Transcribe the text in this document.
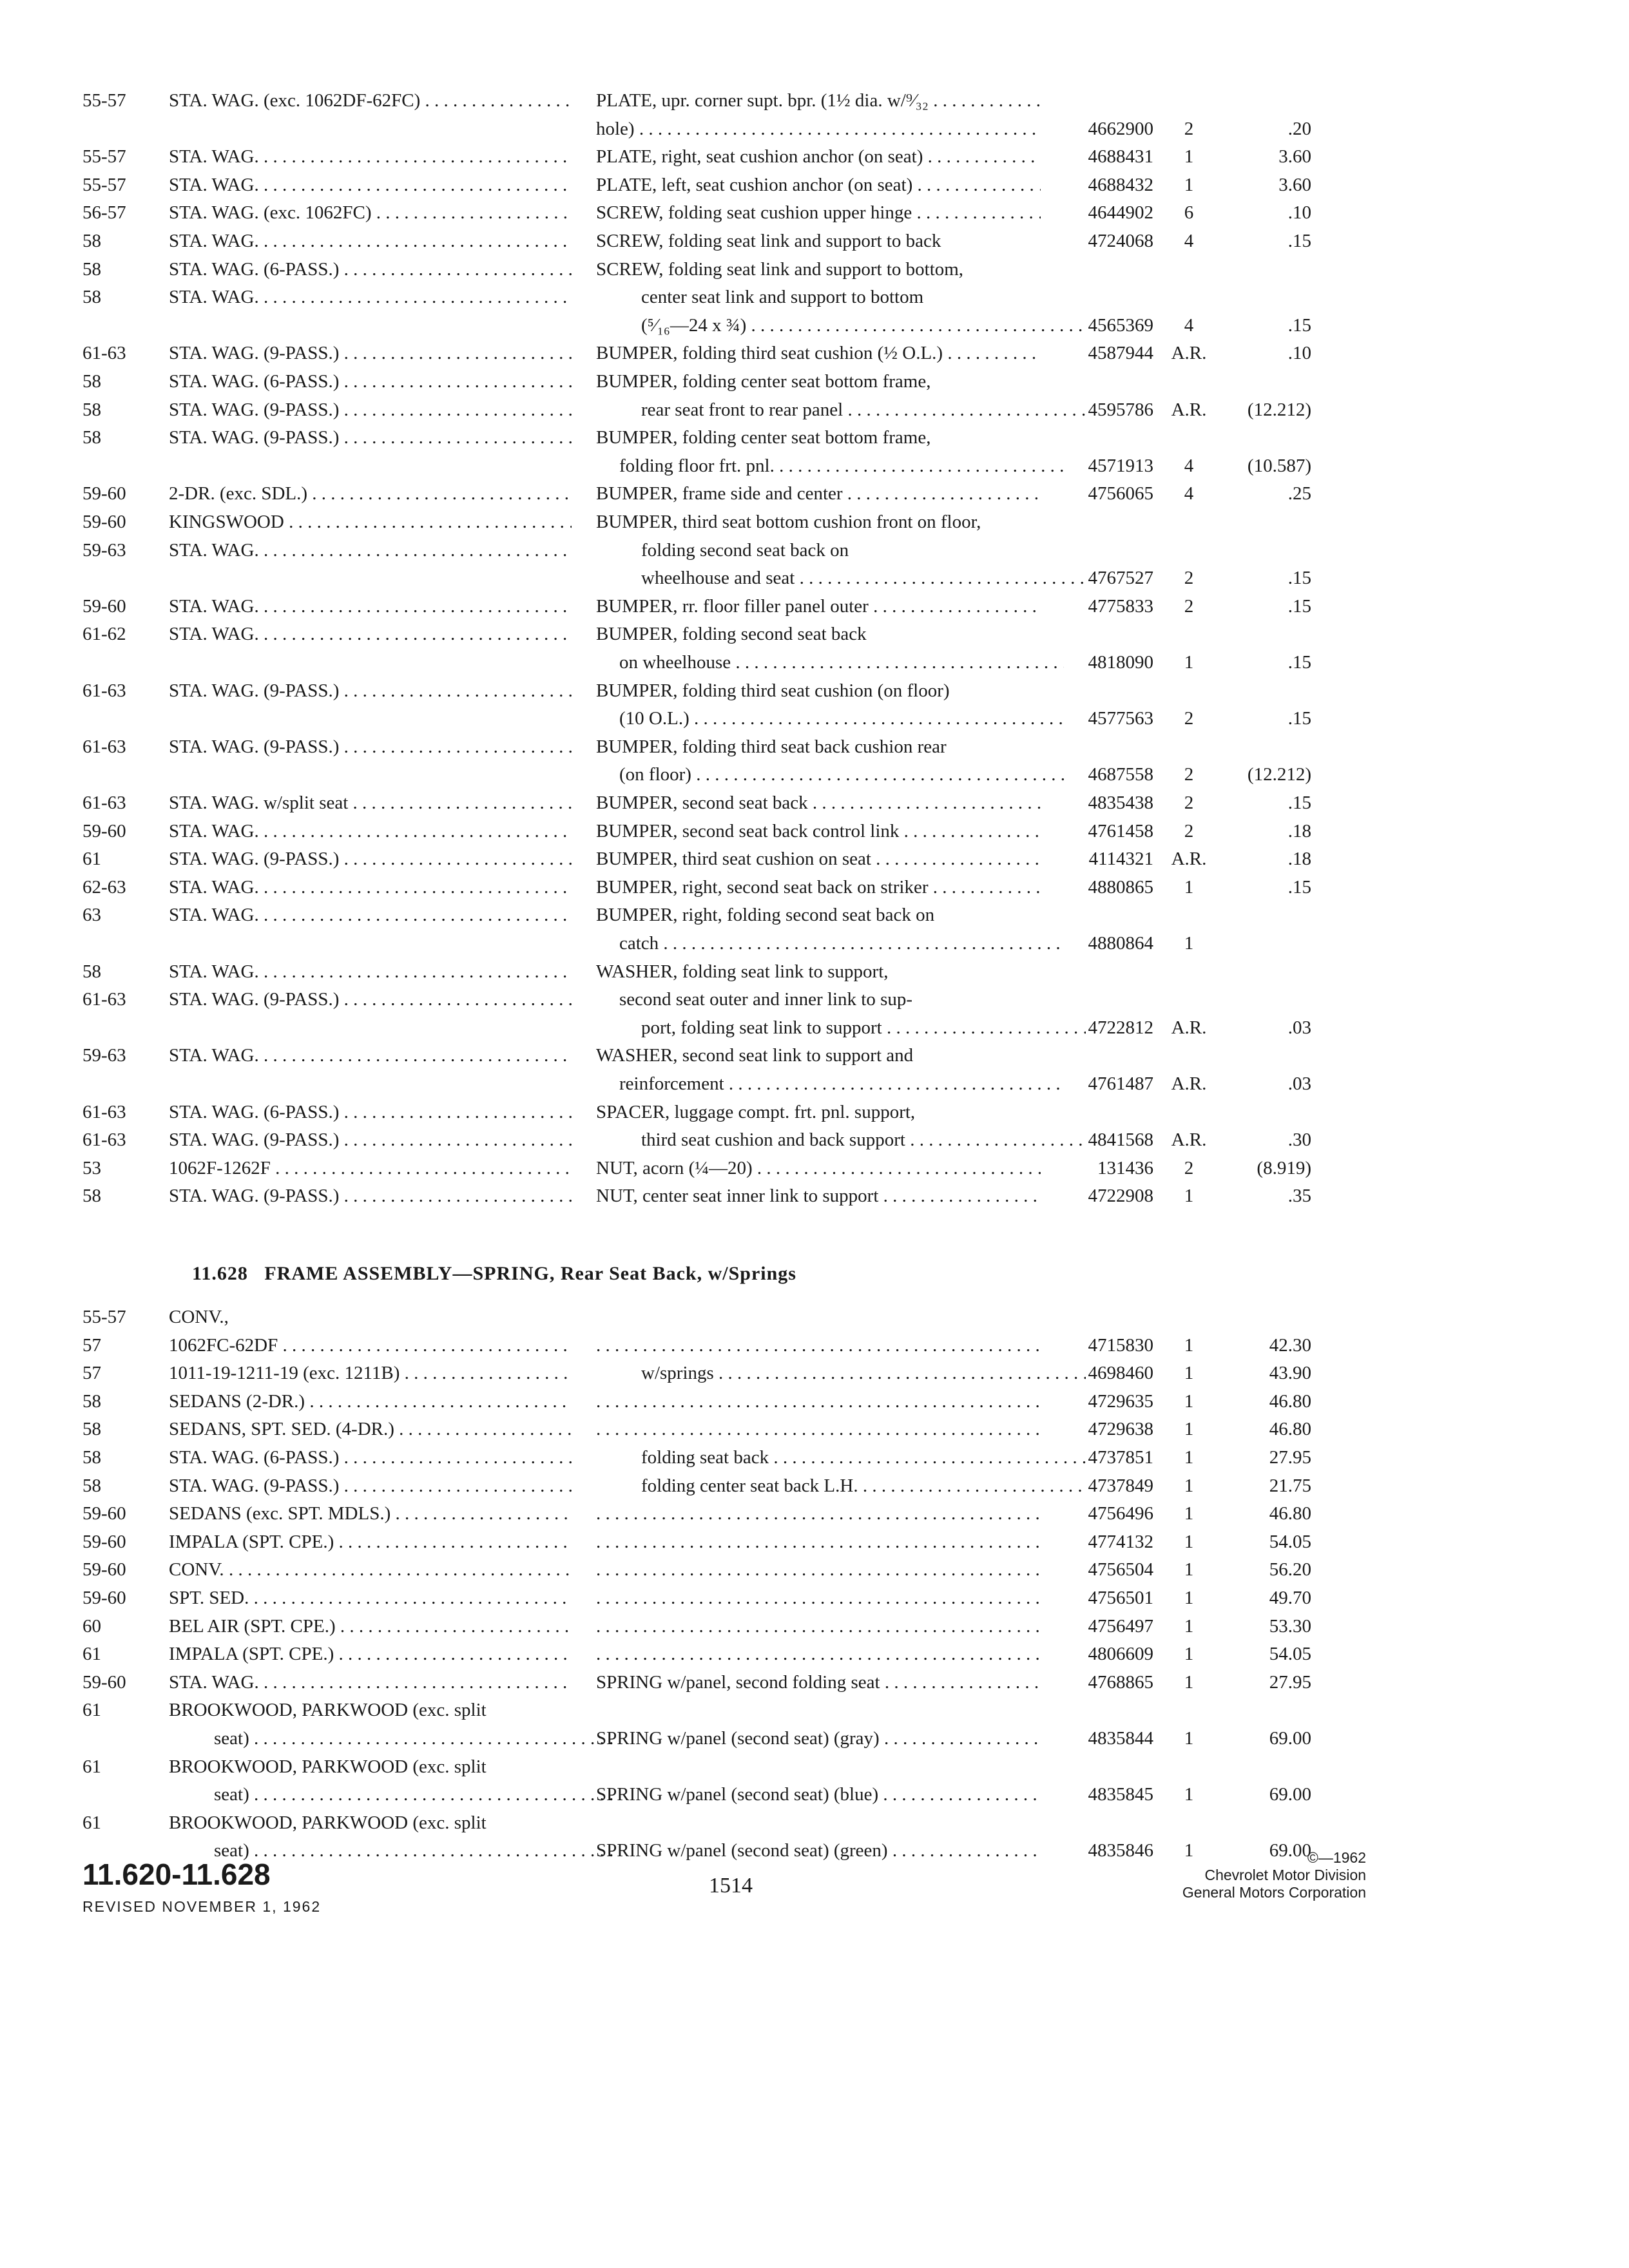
55-57	STA. WAG. (exc. 1062DF-62FC) . . .	PLATE, upr. corner supt. bpr. (1½ dia. w/⁹⁄₃₂ . . .
hole) . . .	4662900	2	.20
55-57	STA. WAG. . . .	PLATE, right, seat cushion anchor (on seat) . . .	4688431	1	3.60
55-57	STA. WAG. . . .	PLATE, left, seat cushion anchor (on seat) . . .	4688432	1	3.60
56-57	STA. WAG. (exc. 1062FC) . . .	SCREW, folding seat cushion upper hinge . . .	4644902	6	.10
58	STA. WAG. . . .	SCREW, folding seat link and support to back	4724068	4	.15
58	STA. WAG. (6-PASS.) . . .	SCREW, folding seat link and support to bottom,
58	STA. WAG. . . .	center seat link and support to bottom
(⁵⁄₁₆—24 x ¾) . . .	4565369	4	.15
61-63	STA. WAG. (9-PASS.) . . .	BUMPER, folding third seat cushion (½ O.L.) . . .	4587944 A.R.	.10
58	STA. WAG. (6-PASS.) . . .	BUMPER, folding center seat bottom frame,
58	STA. WAG. (9-PASS.) . . .	rear seat front to rear panel . . .	4595786 A.R.	(12.212)
58	STA. WAG. (9-PASS.) . . .	BUMPER, folding center seat bottom frame,
folding floor frt. pnl. . . .	4571913	4	(10.587)
59-60	2-DR. (exc. SDL.) . . .	BUMPER, frame side and center . . .	4756065	4	.25
59-60	KINGSWOOD . . .	BUMPER, third seat bottom cushion front on floor,
59-63	STA. WAG. . . .	folding second seat back on
wheelhouse and seat . . .	4767527	2	.15
59-60	STA. WAG. . . .	BUMPER, rr. floor filler panel outer . . .	4775833	2	.15
61-62	STA. WAG. . . .	BUMPER, folding second seat back
on wheelhouse . . .	4818090	1	.15
61-63	STA. WAG. (9-PASS.) . . .	BUMPER, folding third seat cushion (on floor)
(10 O.L.) . . .	4577563	2	.15
61-63	STA. WAG. (9-PASS.) . . .	BUMPER, folding third seat back cushion rear
(on floor) . . .	4687558	2	(12.212)
61-63	STA. WAG. w/split seat . . .	BUMPER, second seat back . . .	4835438	2	.15
59-60	STA. WAG. . . .	BUMPER, second seat back control link . . .	4761458	2	.18
61	STA. WAG. (9-PASS.) . . .	BUMPER, third seat cushion on seat . . .	4114321 A.R.	.18
62-63	STA. WAG. . . .	BUMPER, right, second seat back on striker . . .	4880865	1	.15
63	STA. WAG. . . .	BUMPER, right, folding second seat back on
catch . . .	4880864	1
58	STA. WAG. . . .	WASHER, folding seat link to support,
61-63	STA. WAG. (9-PASS.) . . .	second seat outer and inner link to sup-
port, folding seat link to support . . .	4722812 A.R.	.03
59-63	STA. WAG. . . .	WASHER, second seat link to support and
reinforcement . . .	4761487 A.R.	.03
61-63	STA. WAG. (6-PASS.) . . .	SPACER, luggage compt. frt. pnl. support,
61-63	STA. WAG. (9-PASS.) . . .	third seat cushion and back support . . .	4841568 A.R.	.30
53	1062F-1262F . . .	NUT, acorn (¼—20) . . .	131436	2	(8.919)
58	STA. WAG. (9-PASS.) . . .	NUT, center seat inner link to support . . .	4722908	1	.35
11.628 FRAME ASSEMBLY—SPRING, Rear Seat Back, w/Springs
55-57	CONV.,
57	1062FC-62DF . . . . . .	4715830	1	42.30
57	1011-19-1211-19 (exc. 1211B) . . .	w/springs . . .	4698460	1	43.90
58	SEDANS (2-DR.) . . . . . .	4729635	1	46.80
58	SEDANS, SPT. SED. (4-DR.) . . . . . .	4729638	1	46.80
58	STA. WAG. (6-PASS.) . . .	folding seat back . . .	4737851	1	27.95
58	STA. WAG. (9-PASS.) . . .	folding center seat back L.H. . . .	4737849	1	21.75
59-60	SEDANS (exc. SPT. MDLS.) . . . . . .	4756496	1	46.80
59-60	IMPALA (SPT. CPE.) . . . . . .	4774132	1	54.05
59-60	CONV. . . . . . .	4756504	1	56.20
59-60	SPT. SED. . . . . . .	4756501	1	49.70
60	BEL AIR (SPT. CPE.) . . . . . .	4756497	1	53.30
61	IMPALA (SPT. CPE.) . . . . . .	4806609	1	54.05
59-60	STA. WAG. . . .	SPRING w/panel, second folding seat . . .	4768865	1	27.95
61	BROOKWOOD, PARKWOOD (exc. split
seat) . . .	SPRING w/panel (second seat) (gray) . . .	4835844	1	69.00
61	BROOKWOOD, PARKWOOD (exc. split
seat) . . .	SPRING w/panel (second seat) (blue) . . .	4835845	1	69.00
61	BROOKWOOD, PARKWOOD (exc. split
seat) . . .	SPRING w/panel (second seat) (green) . . .	4835846	1	69.00
11.620-11.628
REVISED NOVEMBER 1, 1962
1514
©—1962
Chevrolet Motor Division
General Motors Corporation
